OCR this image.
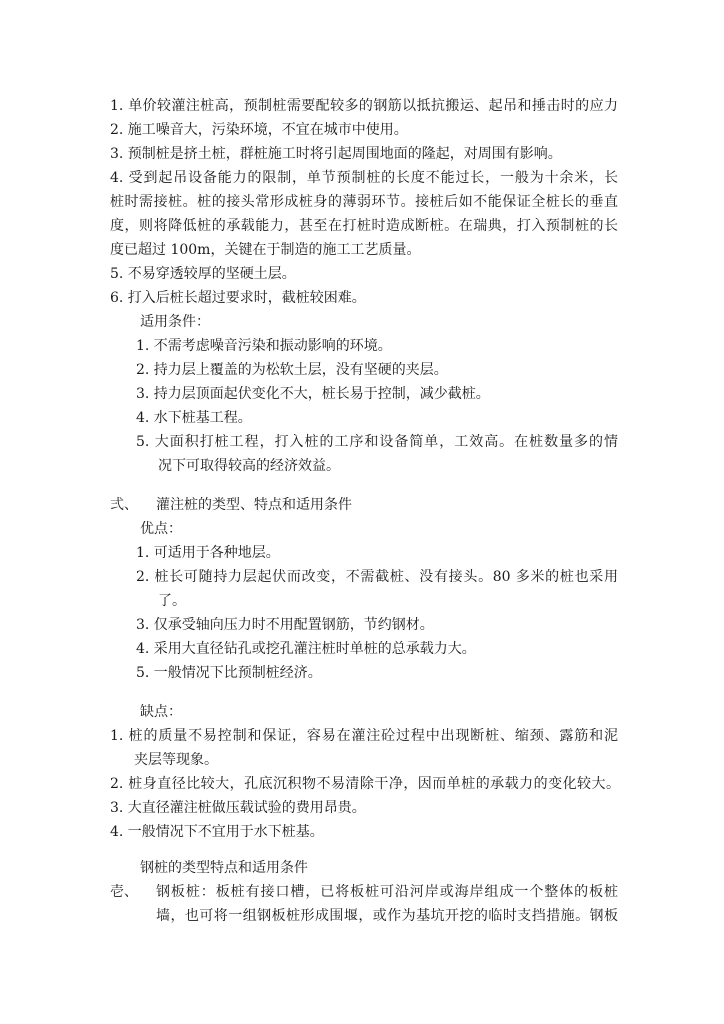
1. 单价较灌注桩高，预制桩需要配较多的钢筋以抵抗搬运、起吊和捶击时的应力
2. 施工噪音大，污染环境，不宜在城市中使用。
3. 预制桩是挤土桩，群桩施工时将引起周围地面的隆起，对周围有影响。
4. 受到起吊设备能力的限制，单节预制桩的长度不能过长，一般为十余米，长
桩时需接桩。桩的接头常形成桩身的薄弱环节。接桩后如不能保证全桩长的垂直
度，则将降低桩的承载能力，甚至在打桩时造成断桩。在瑞典，打入预制桩的长
度已超过 100m，关键在于制造的施工工艺质量。
5. 不易穿透较厚的坚硬土层。
6. 打入后桩长超过要求时，截桩较困难。
适用条件：
1. 不需考虑噪音污染和振动影响的环境。
2. 持力层上覆盖的为松软土层，没有坚硬的夹层。
3. 持力层顶面起伏变化不大，桩长易于控制，减少截桩。
4. 水下桩基工程。
5. 大面积打桩工程，打入桩的工序和设备简单，工效高。在桩数量多的情
况下可取得较高的经济效益。
弍、 灌注桩的类型、特点和适用条件
优点：
1. 可适用于各种地层。
2. 桩长可随持力层起伏而改变，不需截桩、没有接头。80 多米的桩也采用
了。
3. 仅承受轴向压力时不用配置钢筋，节约钢材。
4. 采用大直径钻孔或挖孔灌注桩时单桩的总承载力大。
5. 一般情况下比预制桩经济。
缺点：
1. 桩的质量不易控制和保证，容易在灌注砼过程中出现断桩、缩颈、露筋和泥
夹层等现象。
2. 桩身直径比较大，孔底沉积物不易清除干净，因而单桩的承载力的变化较大。
3. 大直径灌注桩做压载试验的费用昂贵。
4. 一般情况下不宜用于水下桩基。
钢桩的类型特点和适用条件
壱、 钢板桩：板桩有接口槽，已将板桩可沿河岸或海岸组成一个整体的板桩
墙，也可将一组钢板桩形成围堰，或作为基坑开挖的临时支挡措施。钢板
